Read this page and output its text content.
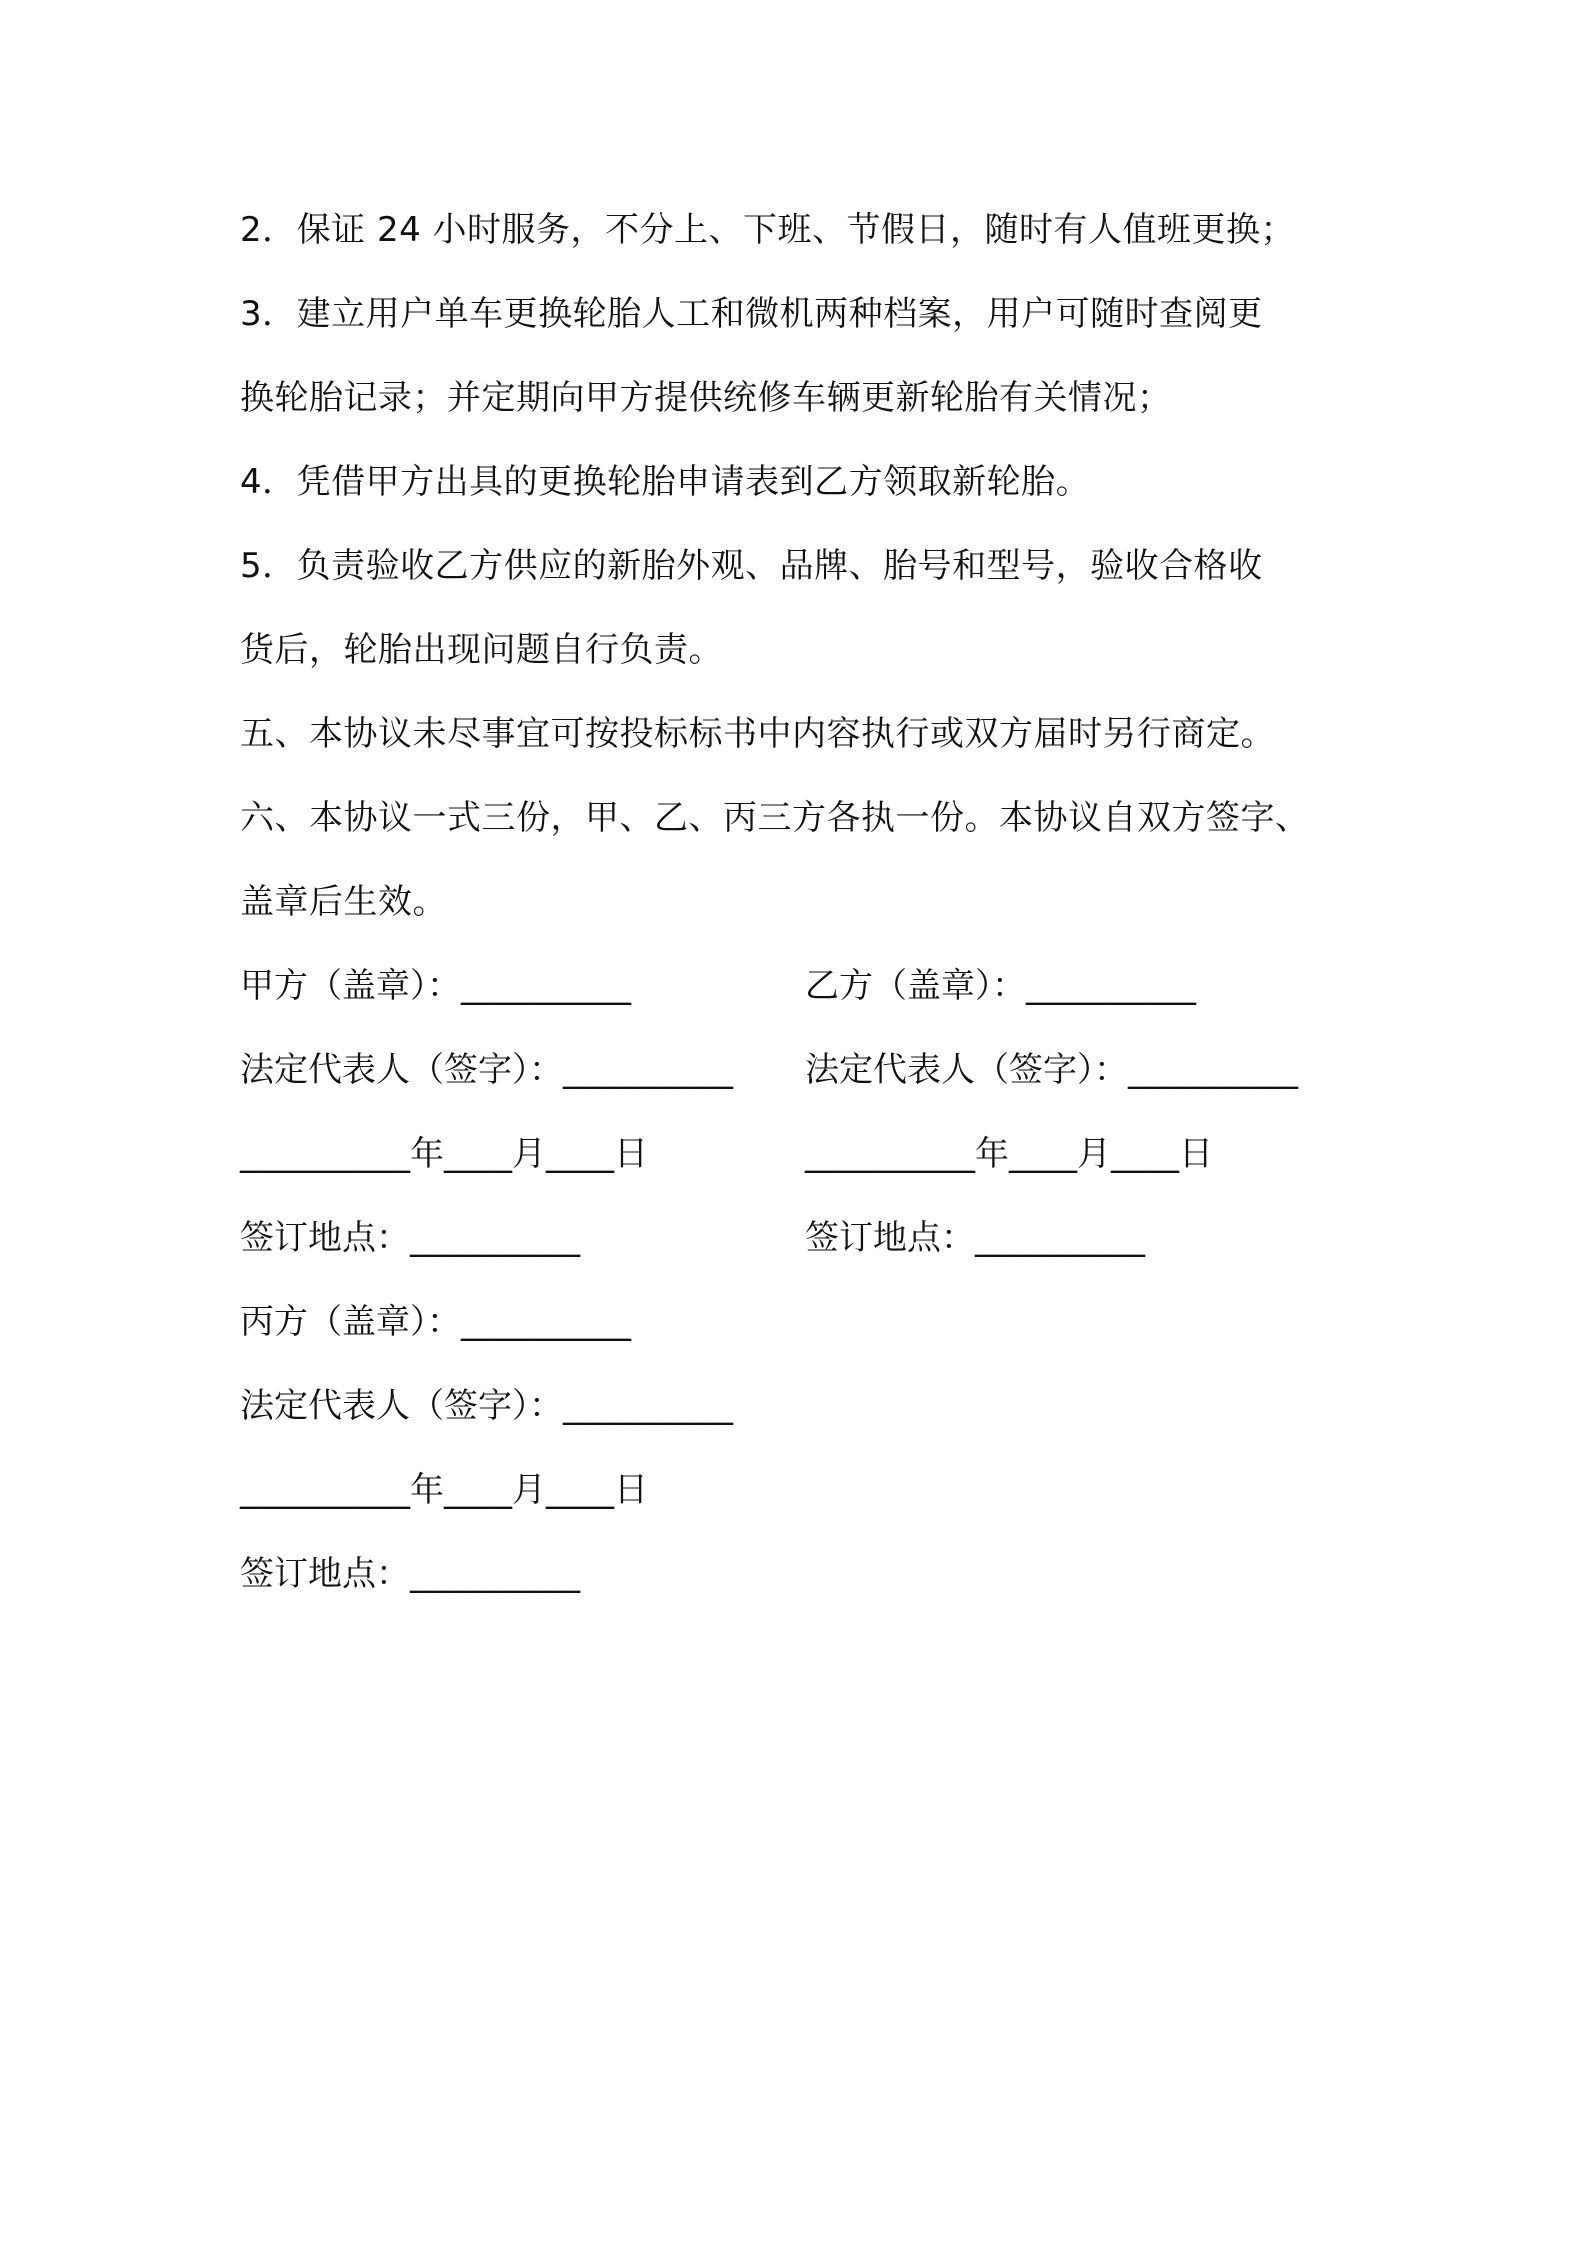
2．保证 24 小时服务，不分上、下班、节假日，随时有人值班更换；
3．建立用户单车更换轮胎人工和微机两种档案，用户可随时查阅更
换轮胎记录；并定期向甲方提供统修车辆更新轮胎有关情况；
4．凭借甲方出具的更换轮胎申请表到乙方领取新轮胎。
5．负责验收乙方供应的新胎外观、品牌、胎号和型号，验收合格收
货后，轮胎出现问题自行负责。
五、本协议未尽事宜可按投标标书中内容执行或双方届时另行商定。
六、本协议一式三份，甲、乙、丙三方各执一份。本协议自双方签字、
盖章后生效。
甲方（盖章）：__________	乙方（盖章）：__________
法定代表人（签字）：__________ 法定代表人（签字）：__________
__________年____月____日	__________年____月____日
签订地点：__________	签订地点：__________
丙方（盖章）：__________
法定代表人（签字）：__________
__________年____月____日
签订地点：__________
